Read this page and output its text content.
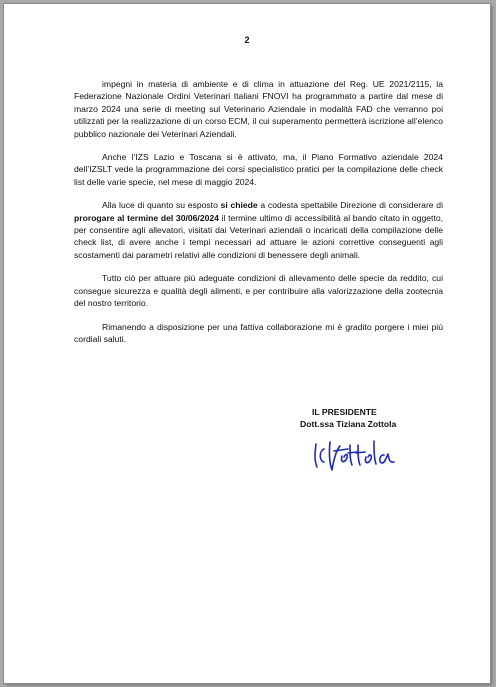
2

impegni in materia di ambiente e di clima in attuazione del Reg. UE 2021/2115, la Federazione Nazionale Ordini Veterinari Italiani FNOVI ha programmato a partire dal mese di marzo 2024 una serie di meeting sul Veterinario Aziendale in modalità FAD che verranno poi utilizzati per la realizzazione di un corso ECM, il cui superamento permetterà iscrizione all’elenco pubblico nazionale dei Veterinari Aziendali.

Anche l’IZS Lazio e Toscana si è attivato, ma, il Piano Formativo aziendale 2024 dell’IZSLT vede la programmazione dei corsi specialistico pratici per la compilazione delle check list delle varie specie, nel mese di maggio 2024.

Alla luce di quanto su esposto si chiede a codesta spettabile Direzione di considerare di prorogare al termine del 30/06/2024 il termine ultimo di accessibilità al bando citato in oggetto, per consentire agli allevatori, visitati dai Veterinari aziendali o incaricati della compilazione delle check list, di avere anche i tempi necessari ad attuare le azioni correttive conseguenti agli scostamenti dai parametri relativi alle condizioni di benessere degli animali.

Tutto ciò per attuare più adeguate condizioni di allevamento delle specie da reddito, cui consegue sicurezza e qualità degli alimenti, e per contribuire alla valorizzazione della zootecnia del nostro territorio.

Rimanendo a disposizione per una fattiva collaborazione mi è gradito porgere i miei più cordiali saluti.

IL PRESIDENTE
Dott.ssa Tiziana Zottola
